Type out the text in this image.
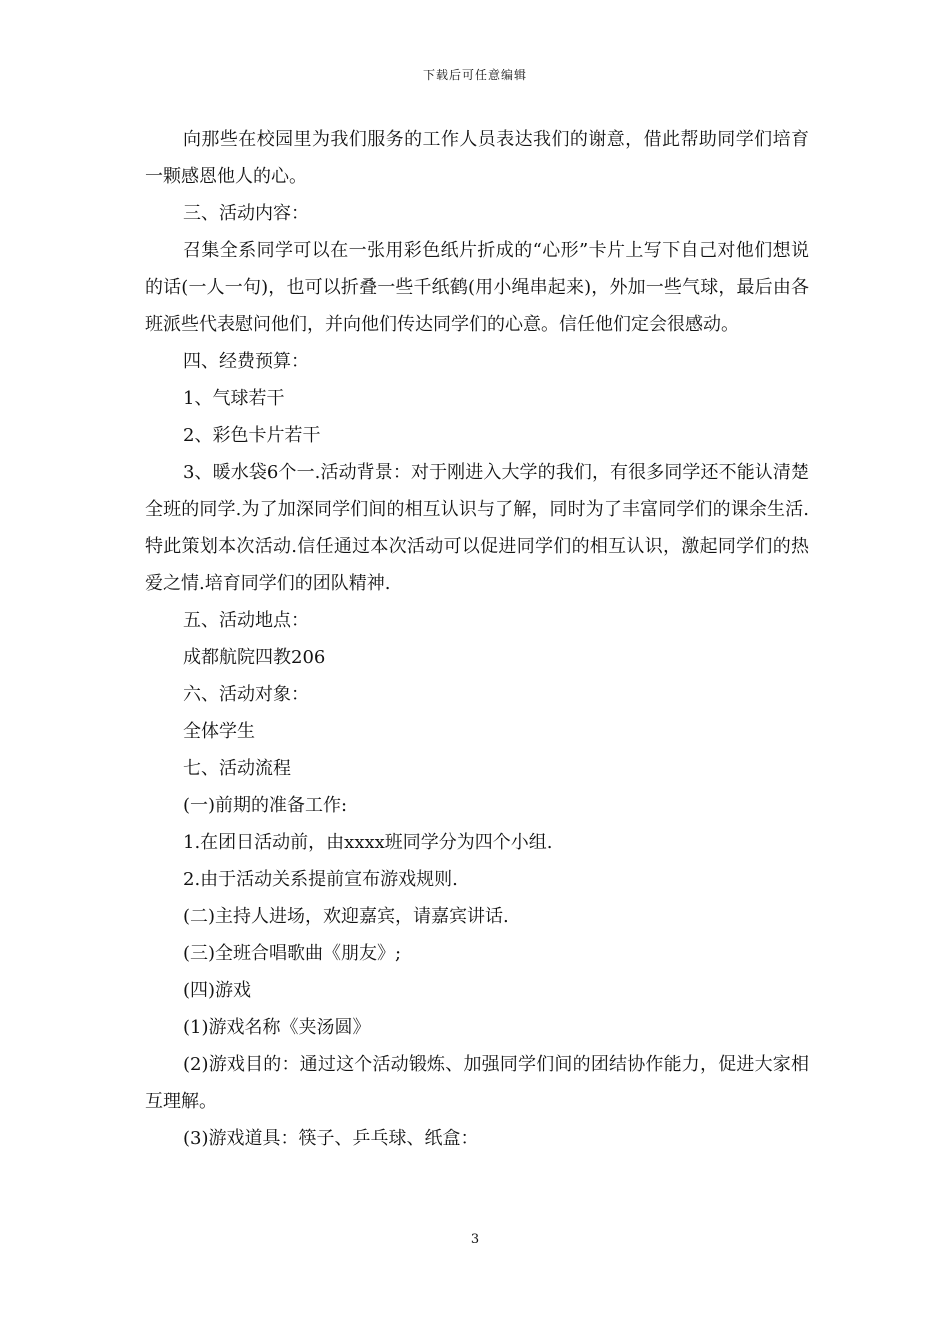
下载后可任意编辑

向那些在校园里为我们服务的工作人员表达我们的谢意，借此帮助同学们培育一颗感恩他人的心。

三、活动内容：

召集全系同学可以在一张用彩色纸片折成的“心形”卡片上写下自己对他们想说的话(一人一句)，也可以折叠一些千纸鹤(用小绳串起来)，外加一些气球，最后由各班派些代表慰问他们，并向他们传达同学们的心意。信任他们定会很感动。

四、经费预算：

1、气球若干

2、彩色卡片若干

3、暖水袋6个一.活动背景：对于刚进入大学的我们，有很多同学还不能认清楚全班的同学.为了加深同学们间的相互认识与了解，同时为了丰富同学们的课余生活.特此策划本次活动.信任通过本次活动可以促进同学们的相互认识，激起同学们的热爱之情.培育同学们的团队精神.

五、活动地点：

成都航院四教206

六、活动对象：

全体学生

七、活动流程

(一)前期的准备工作:

1.在团日活动前，由xxxx班同学分为四个小组.

2.由于活动关系提前宣布游戏规则.

(二)主持人进场，欢迎嘉宾，请嘉宾讲话.

(三)全班合唱歌曲《朋友》;

(四)游戏

(1)游戏名称《夹汤圆》

(2)游戏目的：通过这个活动锻炼、加强同学们间的团结协作能力，促进大家相互理解。

(3)游戏道具：筷子、乒乓球、纸盒：

3
